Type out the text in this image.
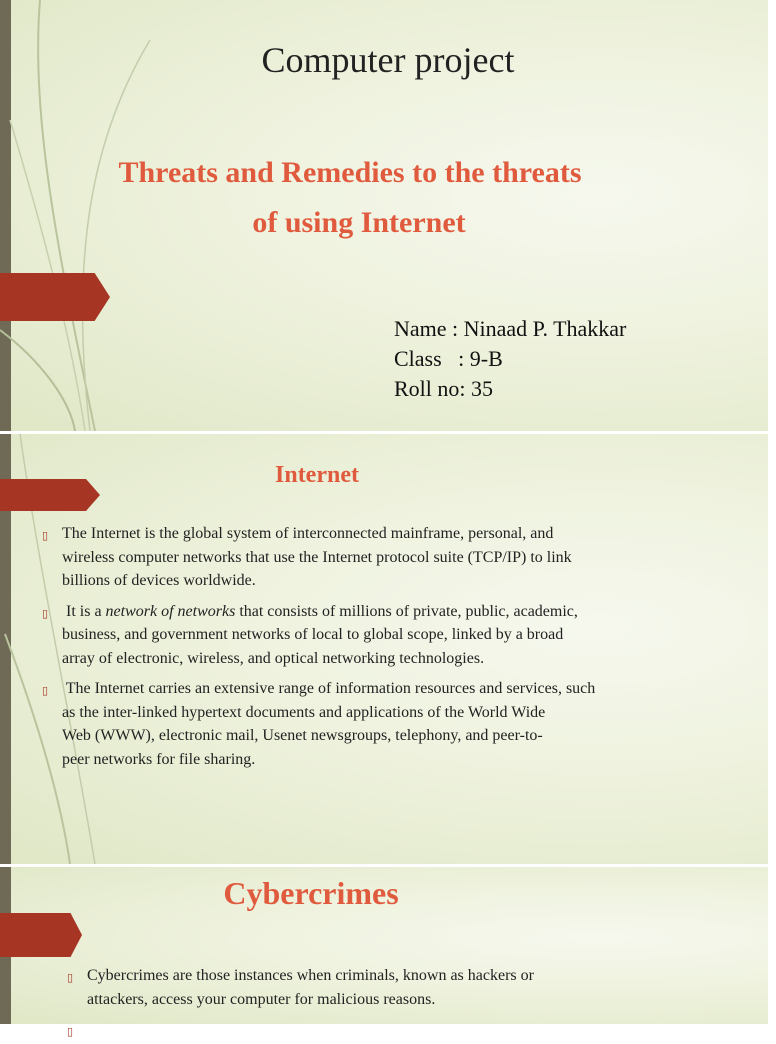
Computer project
Threats and Remedies to the threats
of using Internet
Name : Ninaad P. Thakkar
Class   : 9-B
Roll no: 35
Internet
▯ The Internet is the global system of interconnected mainframe, personal, and
wireless computer networks that use the Internet protocol suite (TCP/IP) to link
billions of devices worldwide.
▯ It is a network of networks that consists of millions of private, public, academic,
business, and government networks of local to global scope, linked by a broad
array of electronic, wireless, and optical networking technologies.
▯ The Internet carries an extensive range of information resources and services, such
as the inter-linked hypertext documents and applications of the World Wide
Web (WWW), electronic mail, Usenet newsgroups, telephony, and peer-to-
peer networks for file sharing.
Cybercrimes
▯ Cybercrimes are those instances when criminals, known as hackers or
attackers, access your computer for malicious reasons.
▯
